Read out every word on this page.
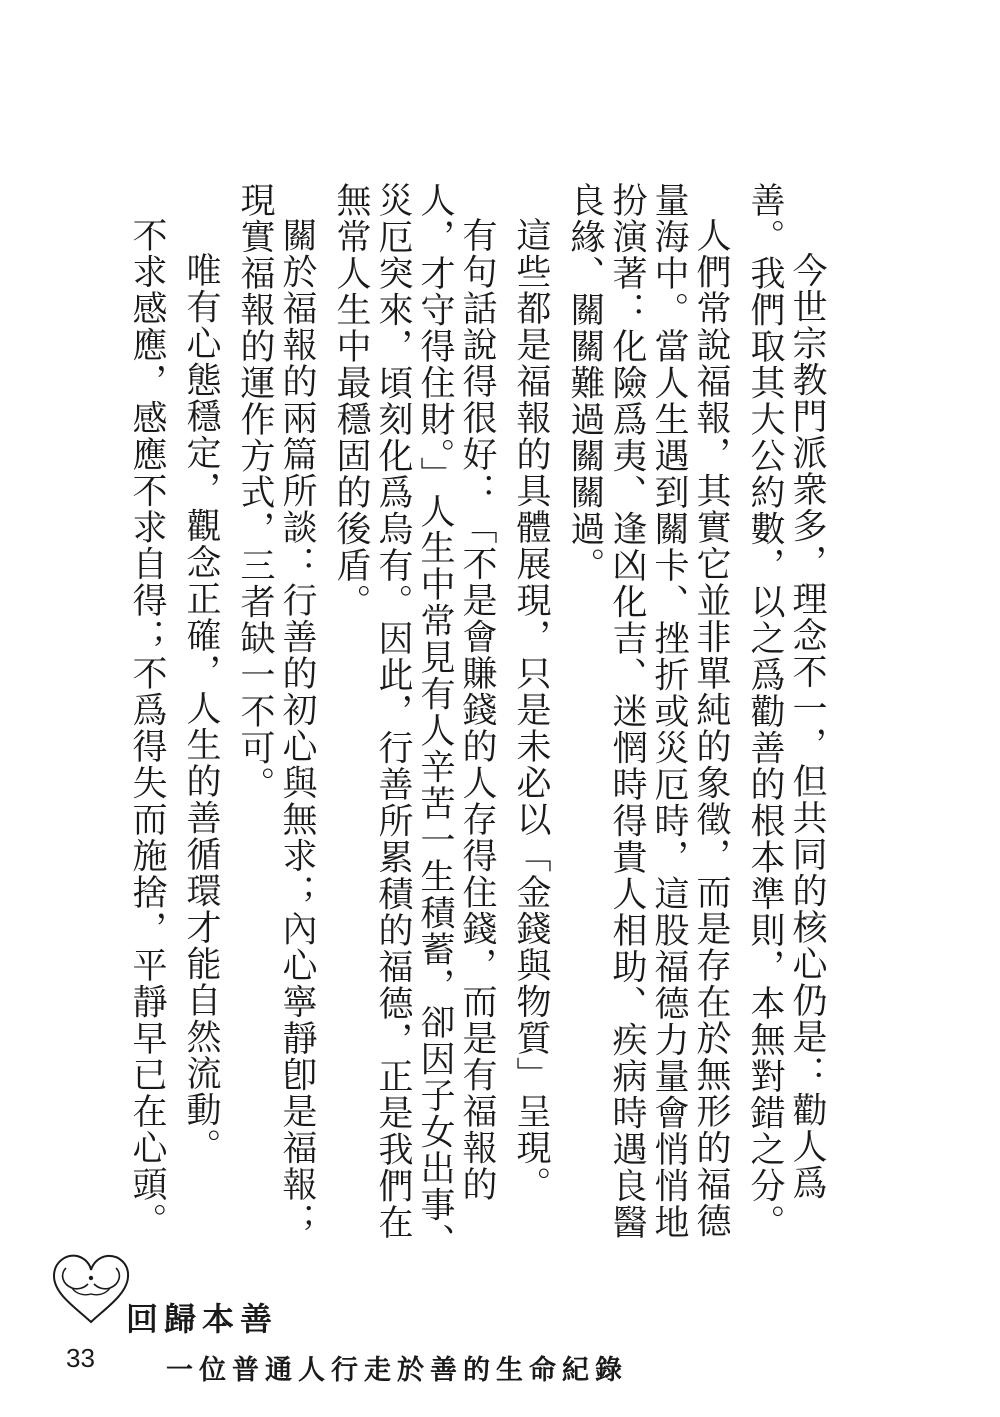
今世宗教門派衆多，理念不一，但共同的核心仍是：勸人爲善。我們取其大公約數，以之爲勸善的根本準則，本無對錯之分。

人們常說福報，其實它並非單純的象徵，而是存在於無形的福德量海中。當人生遇到關卡、挫折或災厄時，這股福德力量會悄悄地扮演著：化險爲夷、逢凶化吉、迷惘時得貴人相助、疾病時遇良醫良緣、關關難過關關過。

這些都是福報的具體展現，只是未必以「金錢與物質」呈現。

有句話說得很好：「不是會賺錢的人存得住錢，而是有福報的人，才守得住財。」人生中常見有人辛苦一生積蓄，卻因子女出事、災厄突來，頃刻化爲烏有。因此，行善所累積的福德，正是我們在無常人生中最穩固的後盾。

關於福報的兩篇所談：行善的初心與無求；內心寧靜卽是福報；現實福報的運作方式，三者缺一不可。

唯有心態穩定，觀念正確，人生的善循環才能自然流動。

不求感應，感應不求自得；不爲得失而施捨，平靜早已在心頭。

回歸本善
33	一位普通人行走於善的生命紀錄
